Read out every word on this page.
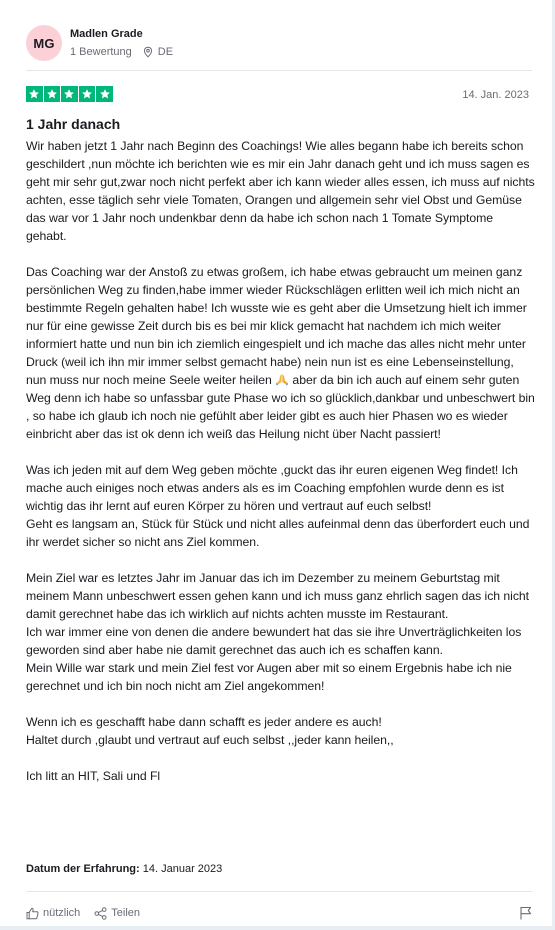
MG
Madlen Grade
1 Bewertung DE
14. Jan. 2023
1 Jahr danach

Wir haben jetzt 1 Jahr nach Beginn des Coachings! Wie alles begann habe ich bereits schon geschildert ,nun möchte ich berichten wie es mir ein Jahr danach geht und ich muss sagen es geht mir sehr gut,zwar noch nicht perfekt aber ich kann wieder alles essen, ich muss auf nichts achten, esse täglich sehr viele Tomaten, Orangen und allgemein sehr viel Obst und Gemüse das war vor 1 Jahr noch undenkbar denn da habe ich schon nach 1 Tomate Symptome gehabt.

Das Coaching war der Anstoß zu etwas großem, ich habe etwas gebraucht um meinen ganz persönlichen Weg zu finden,habe immer wieder Rückschlägen erlitten weil ich mich nicht an bestimmte Regeln gehalten habe! Ich wusste wie es geht aber die Umsetzung hielt ich immer nur für eine gewisse Zeit durch bis es bei mir klick gemacht hat nachdem ich mich weiter informiert hatte und nun bin ich ziemlich eingespielt und ich mache das alles nicht mehr unter Druck (weil ich ihn mir immer selbst gemacht habe) nein nun ist es eine Lebenseinstellung, nun muss nur noch meine Seele weiter heilen  aber da bin ich auch auf einem sehr guten Weg denn ich habe so unfassbar gute Phase wo ich so glücklich,dankbar und unbeschwert bin , so habe ich glaub ich noch nie gefühlt aber leider gibt es auch hier Phasen wo es wieder einbricht aber das ist ok denn ich weiß das Heilung nicht über Nacht passiert!

Was ich jeden mit auf dem Weg geben möchte ,guckt das ihr euren eigenen Weg findet! Ich mache auch einiges noch etwas anders als es im Coaching empfohlen wurde denn es ist wichtig das ihr lernt auf euren Körper zu hören und vertraut auf euch selbst!

Geht es langsam an, Stück für Stück und nicht alles aufeinmal denn das überfordert euch und ihr werdet sicher so nicht ans Ziel kommen.

Mein Ziel war es letztes Jahr im Januar das ich im Dezember zu meinem Geburtstag mit meinem Mann unbeschwert essen gehen kann und ich muss ganz ehrlich sagen das ich nicht damit gerechnet habe das ich wirklich auf nichts achten musste im Restaurant.

Ich war immer eine von denen die andere bewundert hat das sie ihre Unverträglichkeiten los geworden sind aber habe nie damit gerechnet das auch ich es schaffen kann.

Mein Wille war stark und mein Ziel fest vor Augen aber mit so einem Ergebnis habe ich nie gerechnet und ich bin noch nicht am Ziel angekommen!

Wenn ich es geschafft habe dann schafft es jeder andere es auch!

Haltet durch ,glaubt und vertraut auf euch selbst ,,jeder kann heilen,,

Ich litt an HIT, Sali und Fl

Datum der Erfahrung: 14. Januar 2023
nützlich	Teilen
